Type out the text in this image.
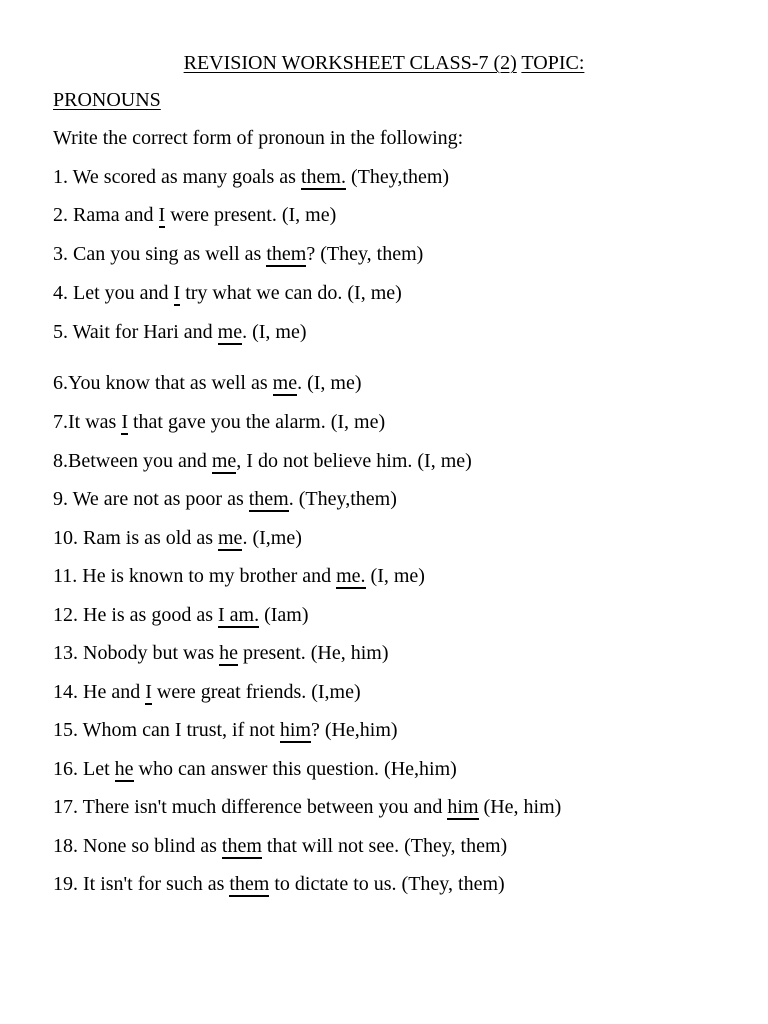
REVISION WORKSHEET CLASS-7 (2) TOPIC:
PRONOUNS
Write the correct form of pronoun in the following:
1. We scored as many goals as them. (They,them)
2. Rama and I were present. (I, me)
3. Can you sing as well as them? (They, them)
4. Let you and I try what we can do. (I, me)
5. Wait for Hari and me. (I, me)
6.You know that as well as me. (I, me)
7.It was I that gave you the alarm. (I, me)
8.Between you and me, I do not believe him. (I, me)
9. We are not as poor as them. (They,them)
10. Ram is as old as me. (I,me)
11. He is known to my brother and me. (I, me)
12. He is as good as I am. (Iam)
13. Nobody but was he present. (He, him)
14. He and I were great friends. (I,me)
15. Whom can I trust, if not him? (He,him)
16. Let he who can answer this question. (He,him)
17. There isn't much difference between you and him (He, him)
18. None so blind as them that will not see. (They, them)
19. It isn't for such as them to dictate to us. (They, them)
